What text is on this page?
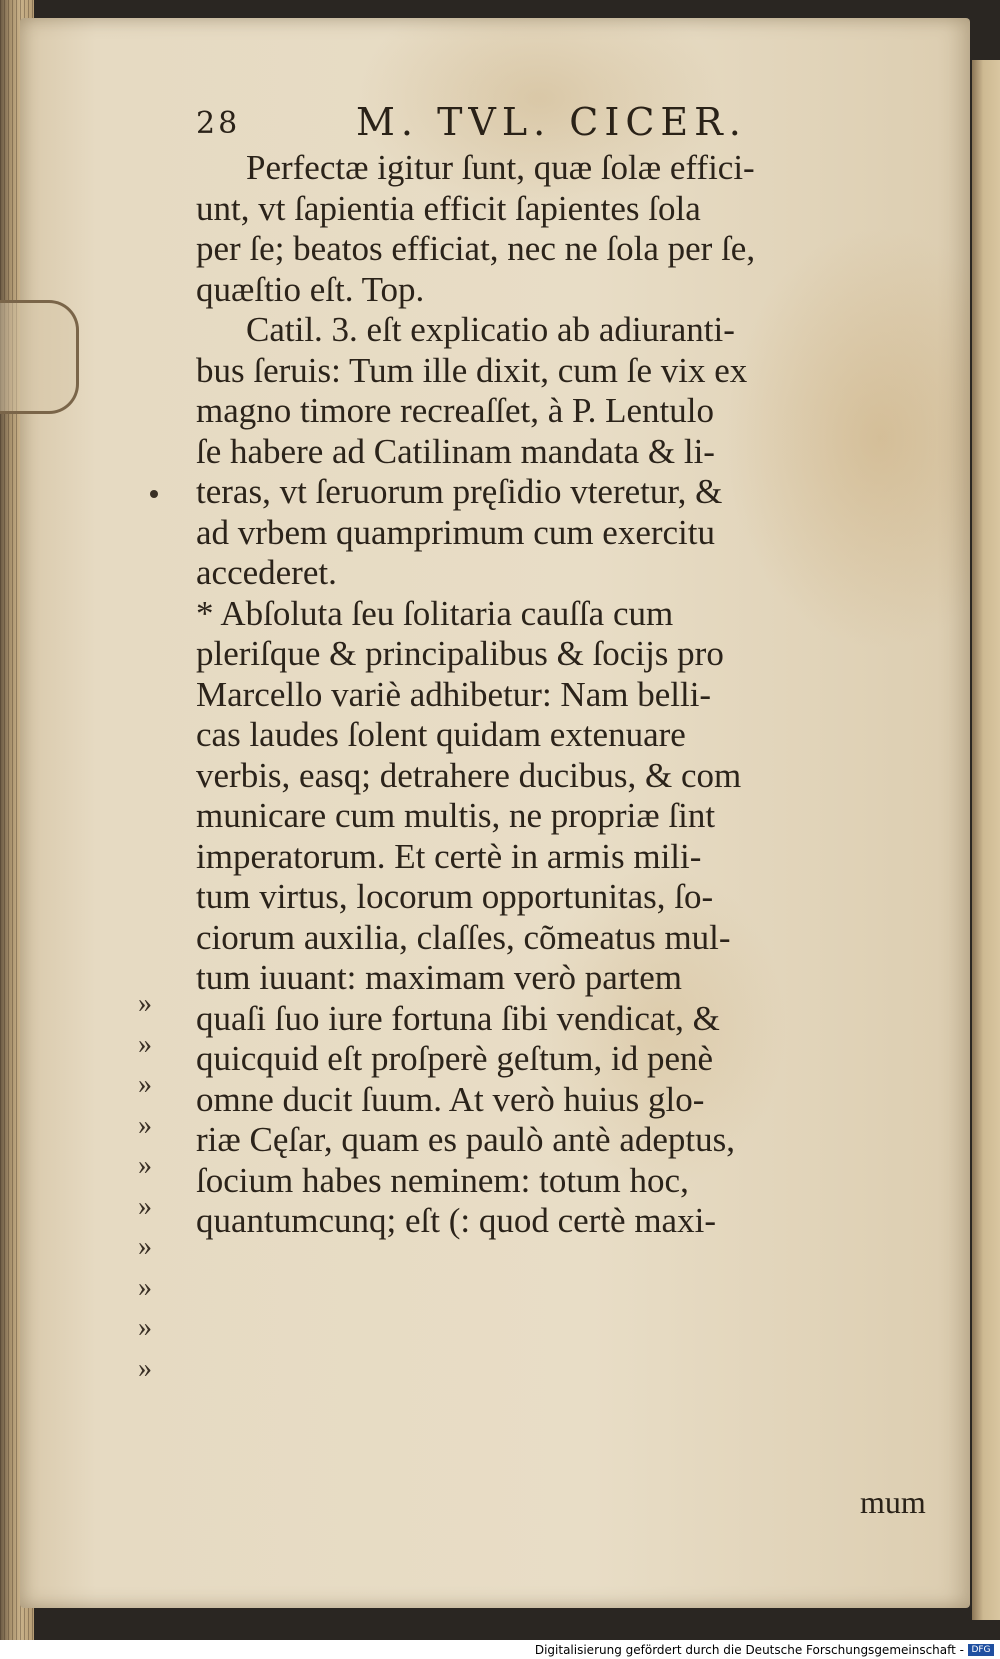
28	M. TVL. CICER.
Perfectæ igitur ſunt, quæ ſolæ effici-
unt, vt ſapientia efficit ſapientes ſola
per ſe; beatos efficiat, nec ne ſola per ſe,
quæſtio eſt. Top.
Catil. 3. eſt explicatio ab adiuranti-
bus ſeruis: Tum ille dixit, cum ſe vix ex
magno timore recreaſſet, à P. Lentulo
ſe habere ad Catilinam mandata & li-
teras, vt ſeruorum pręſidio vteretur, &
ad vrbem quamprimum cum exercitu
accederet.
* Abſoluta ſeu ſolitaria cauſſa cum
pleriſque & principalibus & ſocijs pro
Marcello variè adhibetur: Nam belli-
cas laudes ſolent quidam extenuare
verbis, easq; detrahere ducibus, & com
municare cum multis, ne propriæ ſint
imperatorum. Et certè in armis mili-
tum virtus, locorum opportunitas, ſo-
ciorum auxilia, claſſes, cõmeatus mul-
tum iuuant: maximam verò partem
quaſi ſuo iure fortuna ſibi vendicat, &
quicquid eſt proſperè geſtum, id penè
omne ducit ſuum. At verò huius glo-
riæ Cęſar, quam es paulò antè adeptus,
ſocium habes neminem: totum hoc,
quantumcunq; eſt (: quod certè maxi-
»
»
»
»
»
»
»
»
»
»
mum
Digitalisierung gefördert durch die Deutsche Forschungsgemeinschaft - DFG
